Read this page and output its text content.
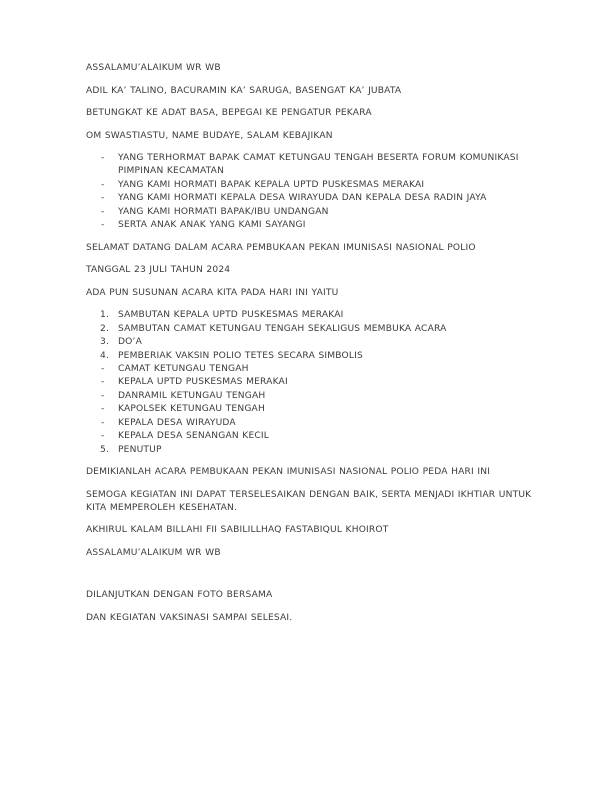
ASSALAMU’ALAIKUM WR WB

ADIL KA’ TALINO, BACURAMIN KA’ SARUGA, BASENGAT KA’ JUBATA

BETUNGKAT KE ADAT BASA, BEPEGAI KE PENGATUR PEKARA

OM SWASTIASTU, NAME BUDAYE, SALAM KEBAJIKAN

-	YANG TERHORMAT BAPAK CAMAT KETUNGAU TENGAH BESERTA FORUM KOMUNIKASI PIMPINAN KECAMATAN
-	YANG KAMI HORMATI BAPAK KEPALA UPTD PUSKESMAS MERAKAI
-	YANG KAMI HORMATI KEPALA DESA WIRAYUDA DAN KEPALA DESA RADIN JAYA
-	YANG KAMI HORMATI BAPAK/IBU UNDANGAN
-	SERTA ANAK ANAK YANG KAMI SAYANGI

SELAMAT DATANG DALAM ACARA PEMBUKAAN PEKAN IMUNISASI NASIONAL POLIO

TANGGAL 23 JULI TAHUN 2024

ADA PUN SUSUNAN ACARA KITA PADA HARI INI YAITU

1. SAMBUTAN KEPALA UPTD PUSKESMAS MERAKAI
2. SAMBUTAN CAMAT KETUNGAU TENGAH SEKALIGUS MEMBUKA ACARA
3. DO’A
4. PEMBERIAK VAKSIN POLIO TETES SECARA SIMBOLIS
-	CAMAT KETUNGAU TENGAH
-	KEPALA UPTD PUSKESMAS MERAKAI
-	DANRAMIL KETUNGAU TENGAH
-	KAPOLSEK KETUNGAU TENGAH
-	KEPALA DESA WIRAYUDA
-	KEPALA DESA SENANGAN KECIL
5. PENUTUP

DEMIKIANLAH ACARA PEMBUKAAN PEKAN IMUNISASI NASIONAL POLIO PEDA HARI INI

SEMOGA KEGIATAN INI DAPAT TERSELESAIKAN DENGAN BAIK, SERTA MENJADI IKHTIAR UNTUK KITA MEMPEROLEH KESEHATAN.

AKHIRUL KALAM BILLAHI FII SABILILLHAQ FASTABIQUL KHOIROT

ASSALAMU’ALAIKUM WR WB

DILANJUTKAN DENGAN FOTO BERSAMA

DAN KEGIATAN VAKSINASI SAMPAI SELESAI.
